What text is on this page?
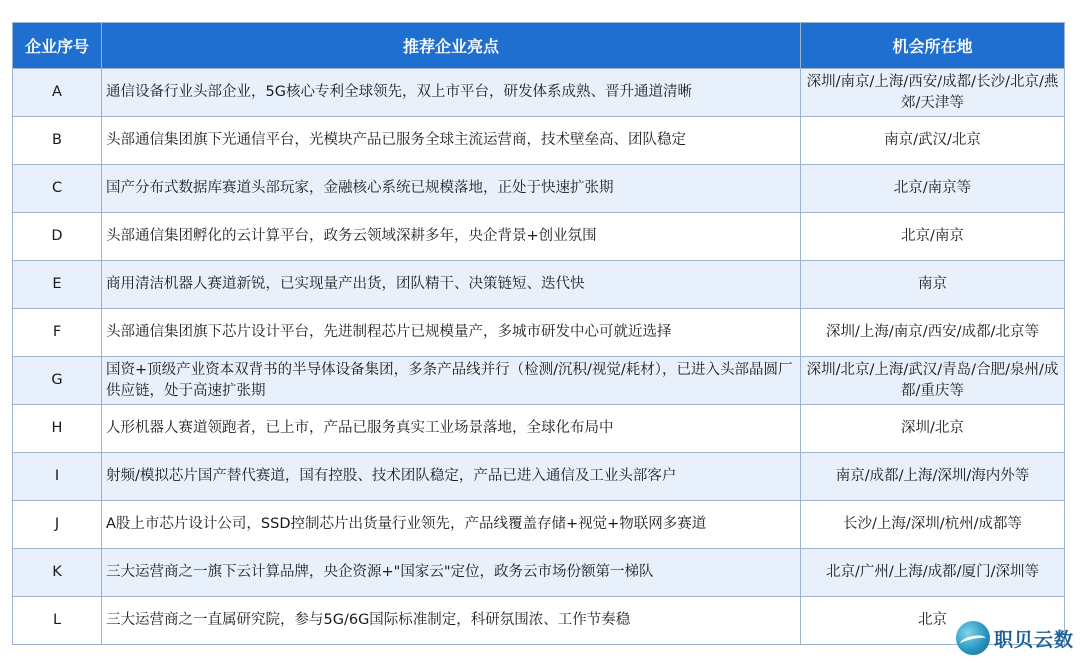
企业序号	推荐企业亮点	机会所在地
A	通信设备行业头部企业，5G核心专利全球领先，双上市平台，研发体系成熟、晋升通道清晰	深圳/南京/上海/西安/成都/长沙/北京/燕郊/天津等
B	头部通信集团旗下光通信平台，光模块产品已服务全球主流运营商，技术壁垒高、团队稳定	南京/武汉/北京
C	国产分布式数据库赛道头部玩家，金融核心系统已规模落地，正处于快速扩张期	北京/南京等
D	头部通信集团孵化的云计算平台，政务云领域深耕多年，央企背景+创业氛围	北京/南京
E	商用清洁机器人赛道新锐，已实现量产出货，团队精干、决策链短、迭代快	南京
F	头部通信集团旗下芯片设计平台，先进制程芯片已规模量产，多城市研发中心可就近选择	深圳/上海/南京/西安/成都/北京等
G	国资+顶级产业资本双背书的半导体设备集团，多条产品线并行（检测/沉积/视觉/耗材），已进入头部晶圆厂供应链，处于高速扩张期	深圳/北京/上海/武汉/青岛/合肥/泉州/成都/重庆等
H	人形机器人赛道领跑者，已上市，产品已服务真实工业场景落地，全球化布局中	深圳/北京
I	射频/模拟芯片国产替代赛道，国有控股、技术团队稳定，产品已进入通信及工业头部客户	南京/成都/上海/深圳/海内外等
J	A股上市芯片设计公司，SSD控制芯片出货量行业领先，产品线覆盖存储+视觉+物联网多赛道	长沙/上海/深圳/杭州/成都等
K	三大运营商之一旗下云计算品牌，央企资源+"国家云"定位，政务云市场份额第一梯队	北京/广州/上海/成都/厦门/深圳等
L	三大运营商之一直属研究院，参与5G/6G国际标准制定，科研氛围浓、工作节奏稳	北京
职贝云数
